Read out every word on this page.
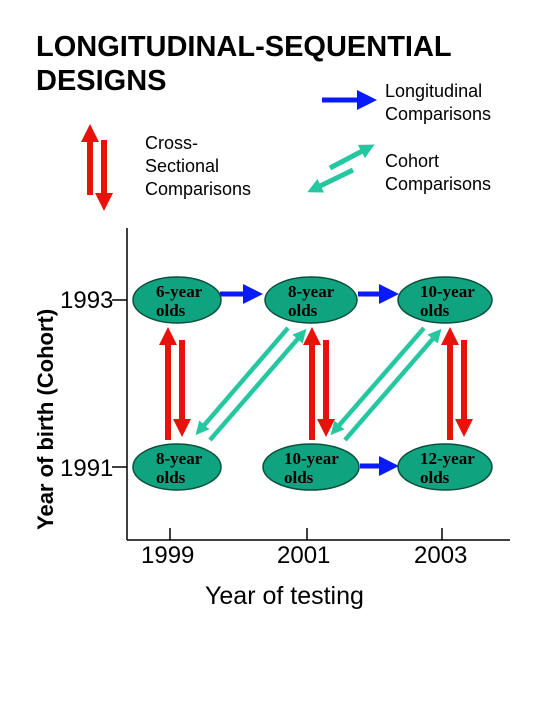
LONGITUDINAL-SEQUENTIAL
DESIGNS	Longitudinal
Comparisons
Cross-
Sectional
Comparisons
Cohort
Comparisons
6-year
olds
8-year
olds
10-year
olds
8-year
olds
10-year
olds
12-year
olds
1993
1991
1999	2001	2003
Year of birth (Cohort)
Year of testing
